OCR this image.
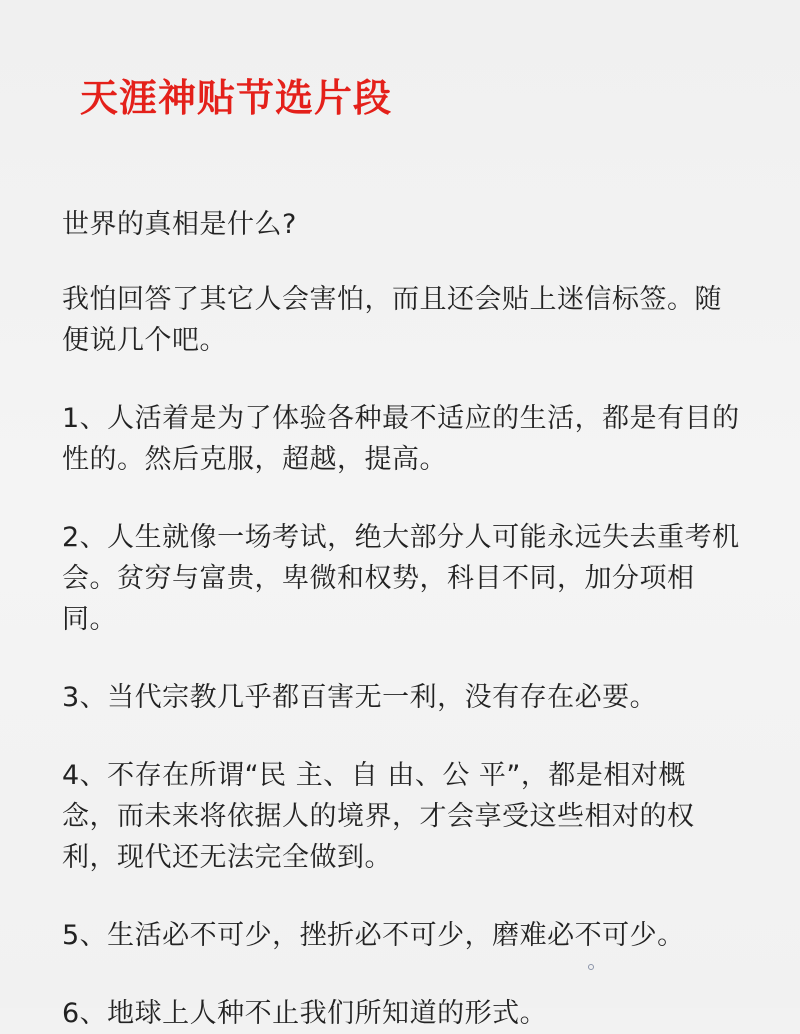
天涯神贴节选片段
世界的真相是什么?
我怕回答了其它人会害怕，而且还会贴上迷信标签。随便说几个吧。
1、人活着是为了体验各种最不适应的生活，都是有目的性的。然后克服，超越，提高。
2、人生就像一场考试，绝大部分人可能永远失去重考机会。贫穷与富贵，卑微和权势，科目不同，加分项相同。
3、当代宗教几乎都百害无一利，没有存在必要。
4、不存在所谓“民 主、自 由、公 平”，都是相对概念，而未来将依据人的境界，才会享受这些相对的权利，现代还无法完全做到。
5、生活必不可少，挫折必不可少，磨难必不可少。
6、地球上人种不止我们所知道的形式。
